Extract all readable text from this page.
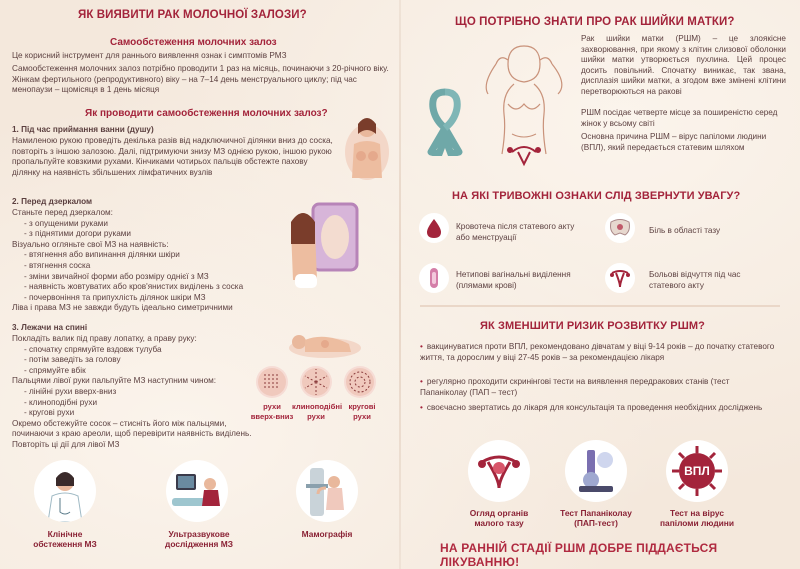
ЯК ВИЯВИТИ РАК МОЛОЧНОЇ ЗАЛОЗИ?
Самообстеження молочних залоз
Це корисний інструмент для раннього виявлення ознак і симптомів РМЗ
Самообстеження молочних залоз потрібно проводити 1 раз на місяць, починаючи з 20-річного віку. Жінкам фертильного (репродуктивного) віку – на 7–14 день менструального циклу; під час менопаузи – щомісяця в 1 день місяця
Як проводити самообстеження молочних залоз?
1. Під час приймання ванни (душу)
Намиленою рукою проведіть декілька разів від надключичної ділянки вниз до соска, повторіть з іншою залозою. Далі, підтримуючи знизу МЗ однією рукою, іншою рукою пропальпуйте ковзкими рухами. Кінчиками чотирьох пальців обстежте пахову ділянку на наявність збільшених лімфатичних вузлів
2. Перед дзеркалом
Станьте перед дзеркалом:
- з опущеними руками
- з піднятими догори руками
Візуально огляньте свої МЗ на наявність:
- втягнення або випинання ділянки шкіри
- втягнення соска
- зміни звичайної форми або розміру однієї з МЗ
- наявність жовтуватих або кров'янистих виділень з соска
- почервоніння та припухлість ділянок шкіри МЗ
Ліва і права МЗ не завжди будуть ідеально симетричними
3. Лежачи на спині
Покладіть валик під праву лопатку, а праву руку:
- спочатку спрямуйте вздовж тулуба
- потім заведіть за голову
- спрямуйте вбік
Пальцями лівої руки пальпуйте МЗ наступним чином:
- лінійні рухи вверх-вниз
- клиноподібні рухи
- кругові рухи
Окремо обстежуйте сосок – стисніть його між пальцями,
починаючи з краю ареоли, щоб перевірити наявність виділень.
Повторіть ці дії для лівої МЗ
рухи вверх-вниз
клиноподібні рухи
кругові рухи
Клінічне обстеження МЗ
Ультразвукове дослідження МЗ
Мамографія
ЩО ПОТРІБНО ЗНАТИ ПРО РАК ШИЙКИ МАТКИ?
Рак шийки матки (РШМ) – це злоякісне захворювання, при якому з клітин слизової оболонки шийки матки утворюється пухлина. Цей процес досить повільний. Спочатку виникає, так звана, дисплазія шийки матки, а згодом вже змінені клітини перетворюються на ракові
РШМ посідає четверте місце за поширеністю серед жінок у всьому світі
Основна причина РШМ – вірус папіломи людини (ВПЛ), який передається статевим шляхом
НА ЯКІ ТРИВОЖНІ ОЗНАКИ СЛІД ЗВЕРНУТИ УВАГУ?
Кровотеча після статевого акту або менструації
Біль в області тазу
Нетипові вагінальні виділення (плямами крові)
Больові відчуття під час статевого акту
ЯК ЗМЕНШИТИ РИЗИК РОЗВИТКУ РШМ?
• вакцинуватися проти ВПЛ, рекомендовано дівчатам у віці 9-14 років – до початку статевого життя, та дорослим у віці 27-45 років – за рекомендацією лікаря
• регулярно проходити скринінгові тести на виявлення передракових станів (тест Папаніколау (ПАП – тест)
• своєчасно звертатись до лікаря для консультація та проведення необхідних досліджень
ВПЛ
Огляд органів малого тазу
Тест Папаніколау (ПАП-тест)
Тест на вірус папіломи людини
НА РАННІЙ СТАДІЇ РШМ ДОБРЕ ПІДДАЄТЬСЯ ЛІКУВАННЮ!
